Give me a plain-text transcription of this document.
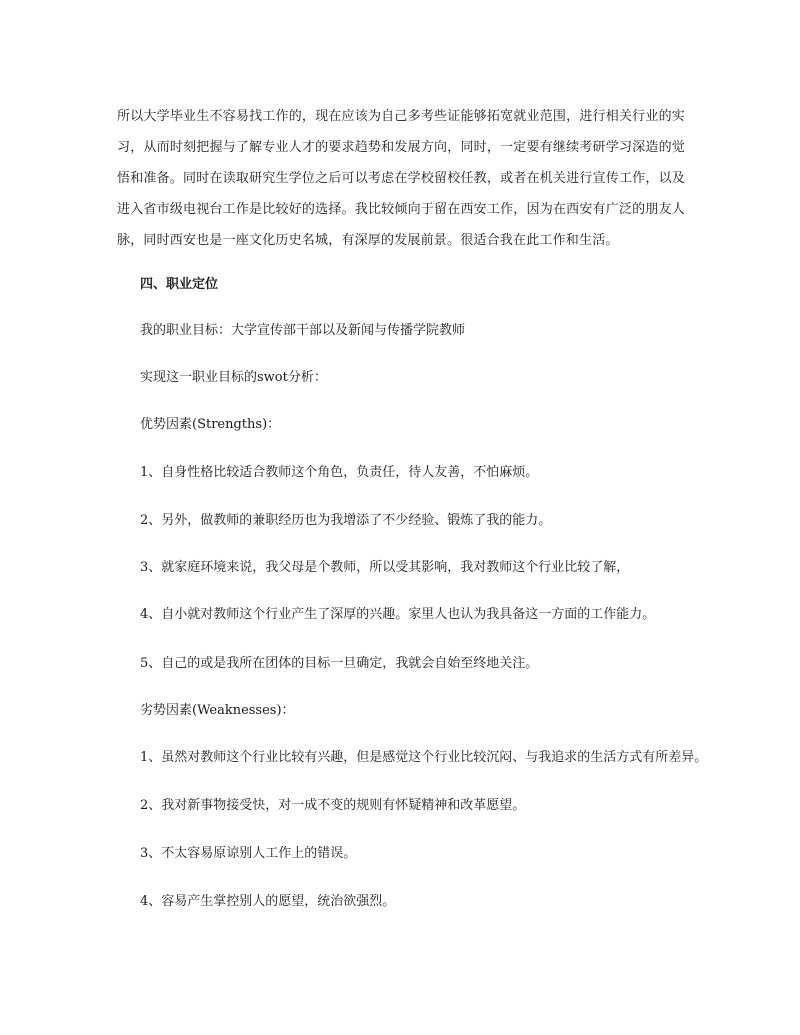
所以大学毕业生不容易找工作的，现在应该为自己多考些证能够拓宽就业范围，进行相关行业的实习，从而时刻把握与了解专业人才的要求趋势和发展方向，同时，一定要有继续考研学习深造的觉悟和准备。同时在读取研究生学位之后可以考虑在学校留校任教，或者在机关进行宣传工作，以及进入省市级电视台工作是比较好的选择。我比较倾向于留在西安工作，因为在西安有广泛的朋友人脉，同时西安也是一座文化历史名城，有深厚的发展前景。很适合我在此工作和生活。

四、职业定位

我的职业目标：大学宣传部干部以及新闻与传播学院教师

实现这一职业目标的swot分析：

优势因素(Strengths)：

1、自身性格比较适合教师这个角色，负责任，待人友善，不怕麻烦。

2、另外，做教师的兼职经历也为我增添了不少经验、锻炼了我的能力。

3、就家庭环境来说，我父母是个教师，所以受其影响，我对教师这个行业比较了解，

4、自小就对教师这个行业产生了深厚的兴趣。家里人也认为我具备这一方面的工作能力。

5、自己的或是我所在团体的目标一旦确定，我就会自始至终地关注。

劣势因素(Weaknesses)：

1、虽然对教师这个行业比较有兴趣，但是感觉这个行业比较沉闷、与我追求的生活方式有所差异。

2、我对新事物接受快，对一成不变的规则有怀疑精神和改革愿望。

3、不太容易原谅别人工作上的错误。

4、容易产生掌控别人的愿望，统治欲强烈。
